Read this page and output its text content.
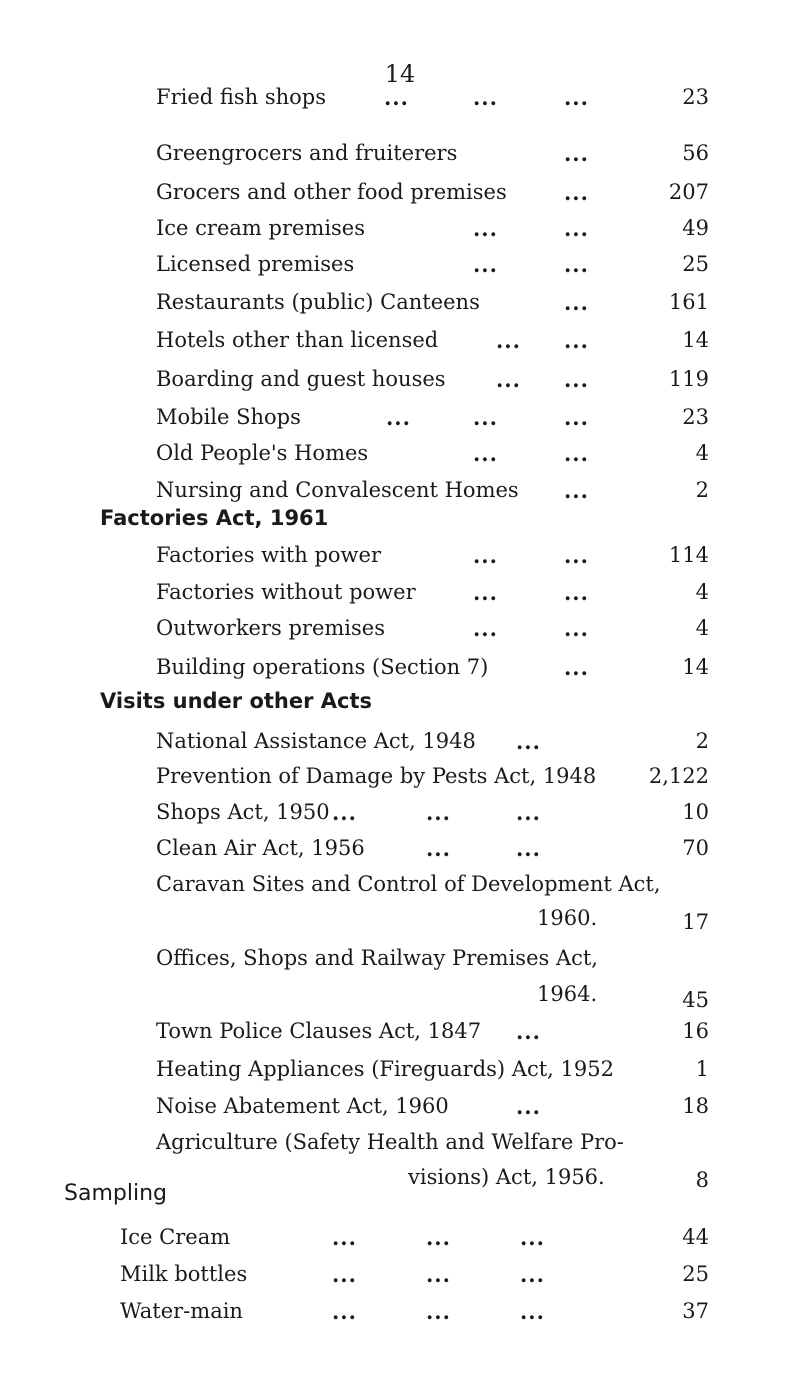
14
Fried fish shops	...	...	...	23
Greengrocers and fruiterers	...	56
Grocers and other food premises	...	207
Ice cream premises	...	...	49
Licensed premises	...	...	25
Restaurants (public) Canteens	...	161
Hotels other than licensed	... ...	14
Boarding and guest houses ... ...	119
Mobile Shops	...	...	...	23
Old People's Homes	...	...	4
Nursing and Convalescent Homes ...	2
Factories Act, 1961
Factories with power	...	...	114
Factories without power	...	...	4
Outworkers premises	...	...	4
Building operations (Section 7)	...	14
Visits under other Acts
National Assistance Act, 1948 ...	2
Prevention of Damage by Pests Act, 1948	2,122
Shops Act, 1950 ...	...	...	10
Clean Air Act, 1956	...	...	70
Caravan Sites and Control of Development Act,
1960.	17
Offices, Shops and Railway Premises Act,
1964.	45
Town Police Clauses Act, 1847 ...	16
Heating Appliances (Fireguards) Act, 1952	1
Noise Abatement Act, 1960	...	18
Agriculture (Safety Health and Welfare Pro-
visions) Act, 1956.	8
Sampling
Ice Cream	...	...	...	44
Milk bottles	...	...	...	25
Water-main	...	...	...	37
